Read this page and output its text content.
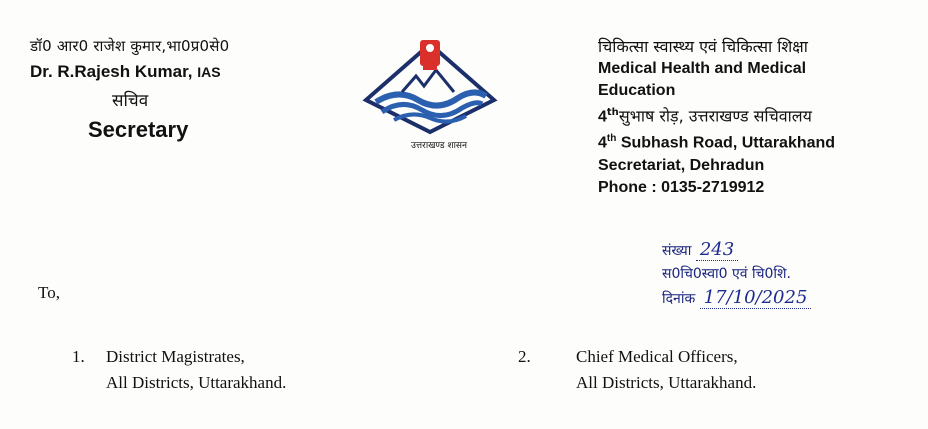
डॉ0 आर0 राजेश कुमार,भा0प्र0से0

Dr. R.Rajesh Kumar, IAS

सचिव

Secretary

उत्तराखण्ड शासन

चिकित्सा स्वास्थ्य एवं चिकित्सा शिक्षा

Medical Health and Medical

Education

4thसुभाष रोड़, उत्तराखण्ड सचिवालय

4th Subhash Road, Uttarakhand

Secretariat, Dehradun

Phone : 0135-2719912

संख्या 243
स0चि0स्वा0 एवं चि0शि.
दिनांक 17/10/2025
To,
1. District Magistrates,
All Districts, Uttarakhand.
2.	Chief Medical Officers,
All Districts, Uttarakhand.
